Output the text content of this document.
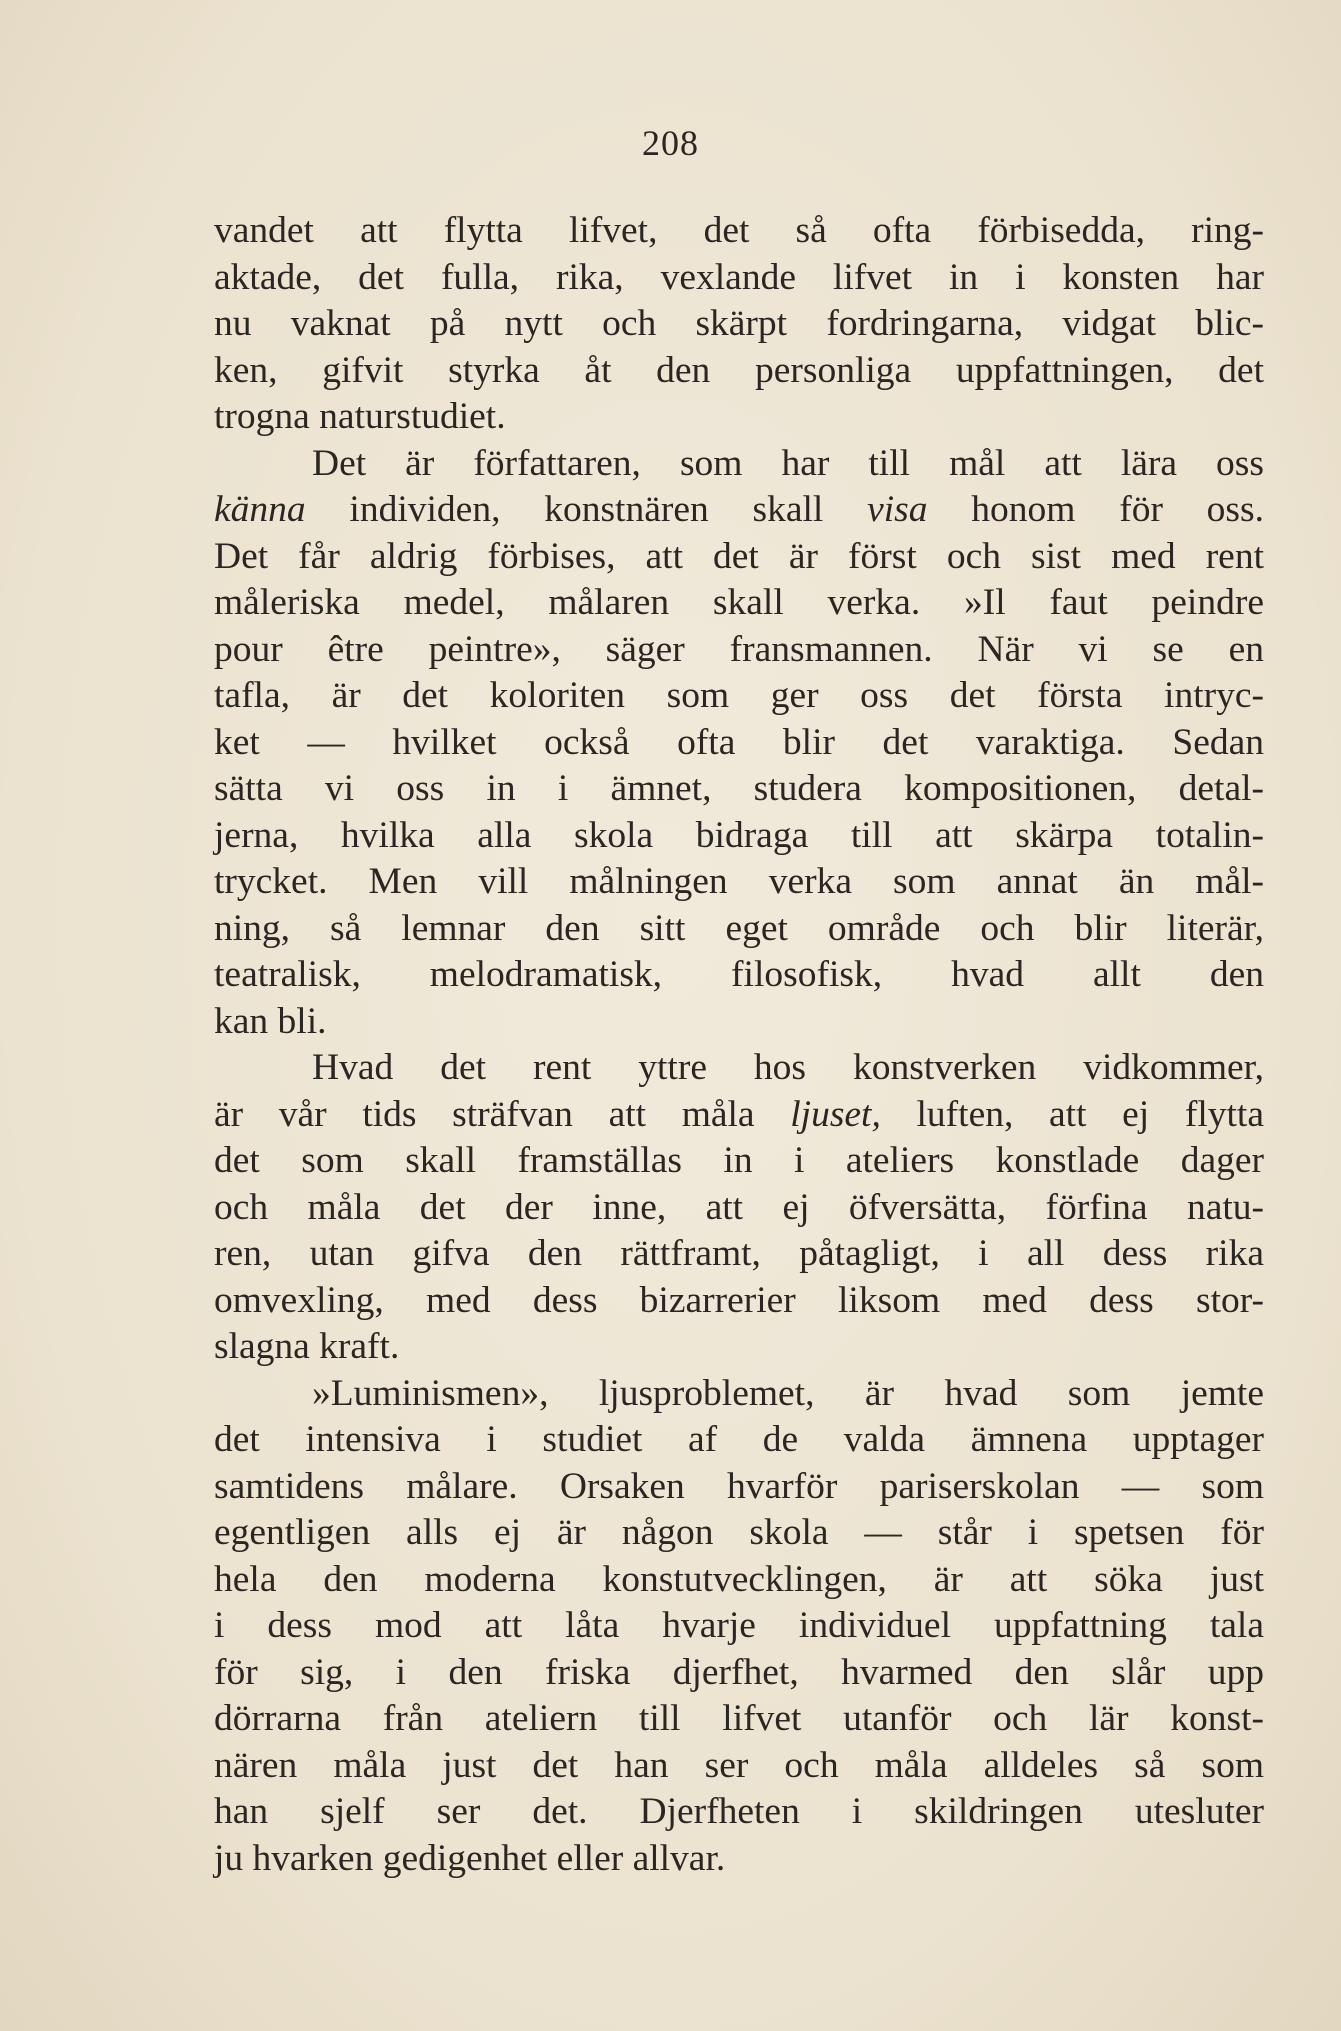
208
vandet att flytta lifvet, det så ofta förbisedda, ring-
aktade, det fulla, rika, vexlande lifvet in i konsten har
nu vaknat på nytt och skärpt fordringarna, vidgat blic-
ken, gifvit styrka åt den personliga uppfattningen, det
trogna naturstudiet.
Det är författaren, som har till mål att lära oss
känna individen, konstnären skall visa honom för oss.
Det får aldrig förbises, att det är först och sist med rent
måleriska medel, målaren skall verka. »Il faut peindre
pour être peintre», säger fransmannen. När vi se en
tafla, är det koloriten som ger oss det första intryc-
ket — hvilket också ofta blir det varaktiga. Sedan
sätta vi oss in i ämnet, studera kompositionen, detal-
jerna, hvilka alla skola bidraga till att skärpa totalin-
trycket. Men vill målningen verka som annat än mål-
ning, så lemnar den sitt eget område och blir literär,
teatralisk, melodramatisk, filosofisk, hvad allt den
kan bli.
Hvad det rent yttre hos konstverken vidkommer,
är vår tids sträfvan att måla ljuset, luften, att ej flytta
det som skall framställas in i ateliers konstlade dager
och måla det der inne, att ej öfversätta, förfina natu-
ren, utan gifva den rättframt, påtagligt, i all dess rika
omvexling, med dess bizarrerier liksom med dess stor-
slagna kraft.
»Luminismen», ljusproblemet, är hvad som jemte
det intensiva i studiet af de valda ämnena upptager
samtidens målare. Orsaken hvarför pariserskolan — som
egentligen alls ej är någon skola — står i spetsen för
hela den moderna konstutvecklingen, är att söka just
i dess mod att låta hvarje individuel uppfattning tala
för sig, i den friska djerfhet, hvarmed den slår upp
dörrarna från ateliern till lifvet utanför och lär konst-
nären måla just det han ser och måla alldeles så som
han sjelf ser det. Djerfheten i skildringen utesluter
ju hvarken gedigenhet eller allvar.
